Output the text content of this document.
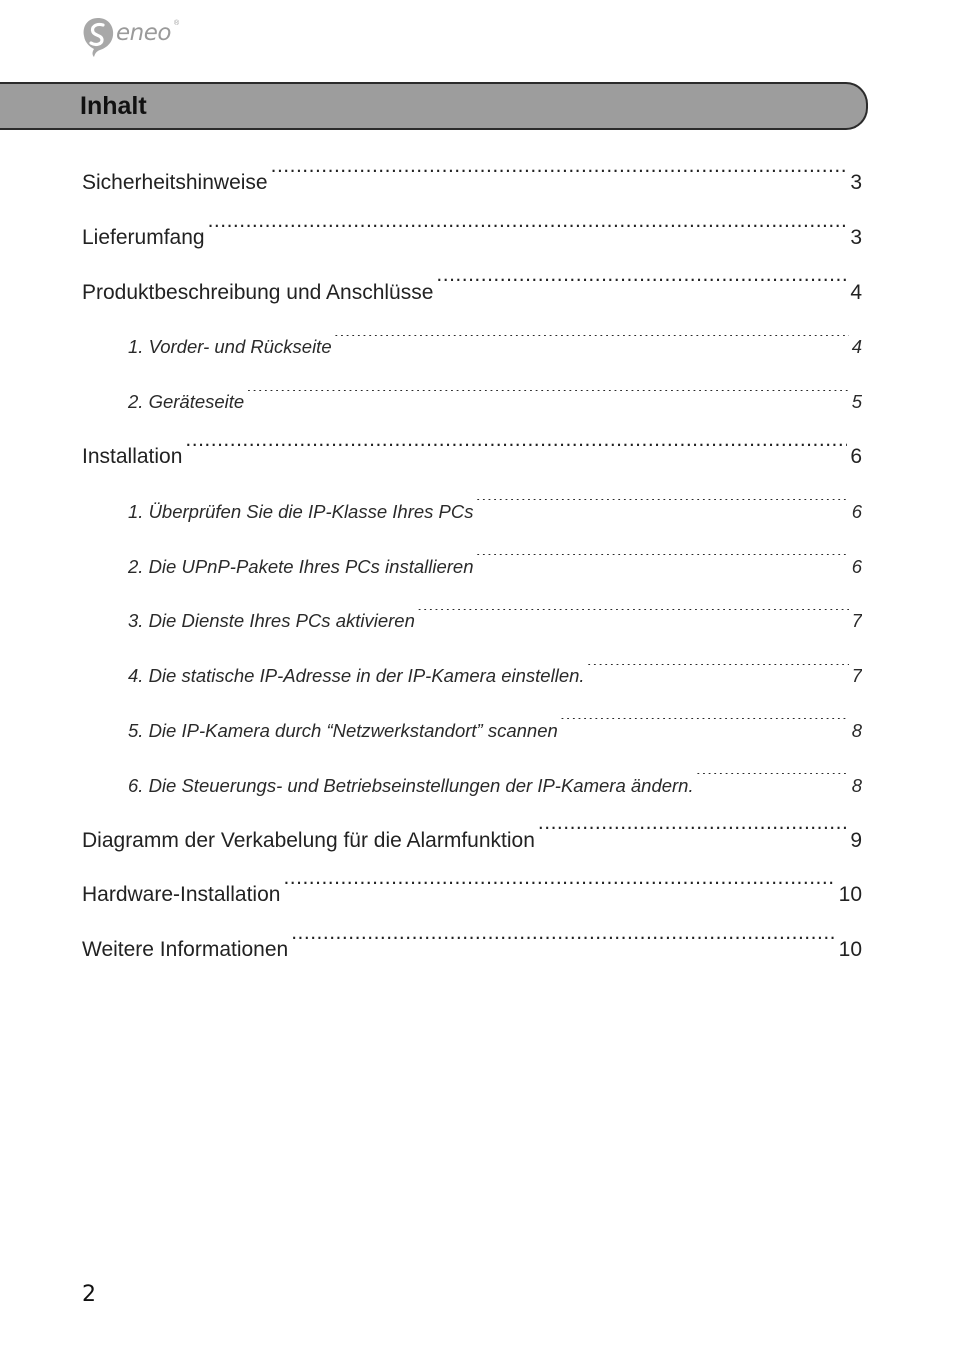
eneo ®
Inhalt
Sicherheitshinweise .....	3
Lieferumfang .....	3
Produktbeschreibung und Anschlüsse .....	4
1. Vorder- und Rückseite .....	4
2. Geräteseite .....	5
Installation .....	6
1. Überprüfen Sie die IP-Klasse Ihres PCs .....	6
2. Die UPnP-Pakete Ihres PCs installieren .....	6
3. Die Dienste Ihres PCs aktivieren .....	7
4. Die statische IP-Adresse in der IP-Kamera einstellen. .....	7
5. Die IP-Kamera durch “Netzwerkstandort” scannen .....	8
6. Die Steuerungs- und Betriebseinstellungen der IP-Kamera ändern. .....	8
Diagramm der Verkabelung für die Alarmfunktion .....	9
Hardware-Installation .....	10
Weitere Informationen .....	10
2
